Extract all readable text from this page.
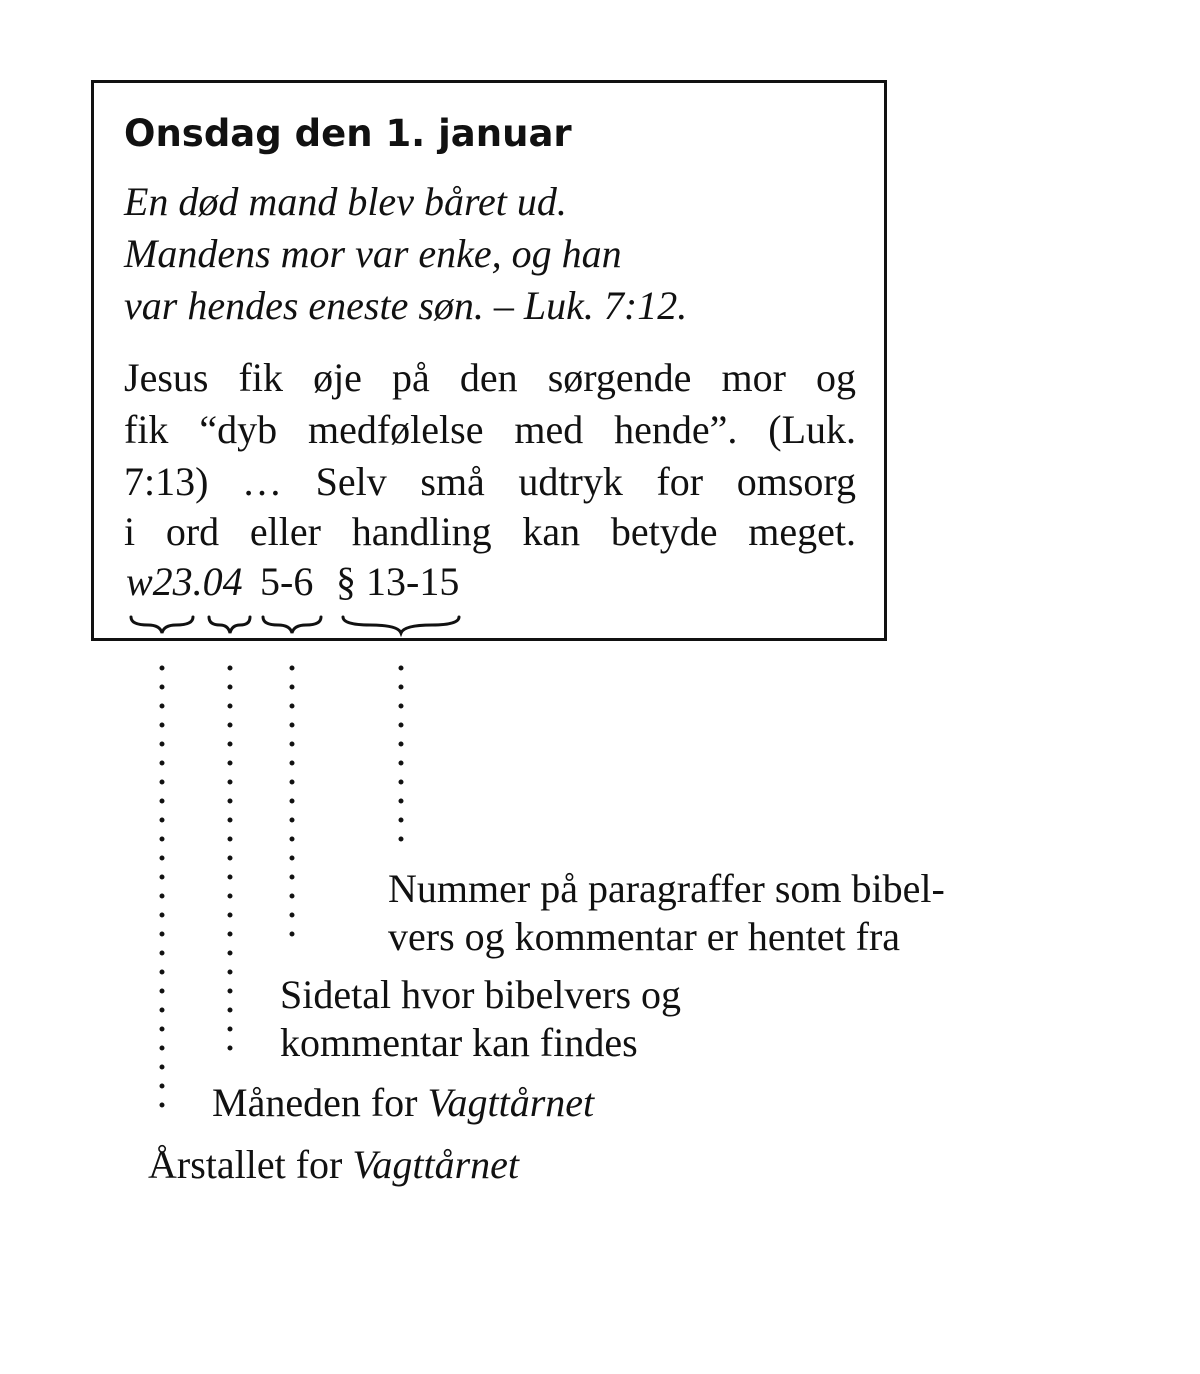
Onsdag den 1. januar
En død mand blev båret ud.
Mandens mor var enke, og han
var hendes eneste søn. – Luk. 7:12.
Jesus fik øje på den sørgende mor og
fik “dyb medfølelse med hende”. (Luk.
7:13) … Selv små udtryk for omsorg
i ord eller handling kan betyde meget.
w23.04 5-6 § 13-15
Nummer på paragraffer som bibel-
vers og kommentar er hentet fra
Sidetal hvor bibelvers og
kommentar kan findes
Måneden for Vagttårnet
Årstallet for Vagttårnet
